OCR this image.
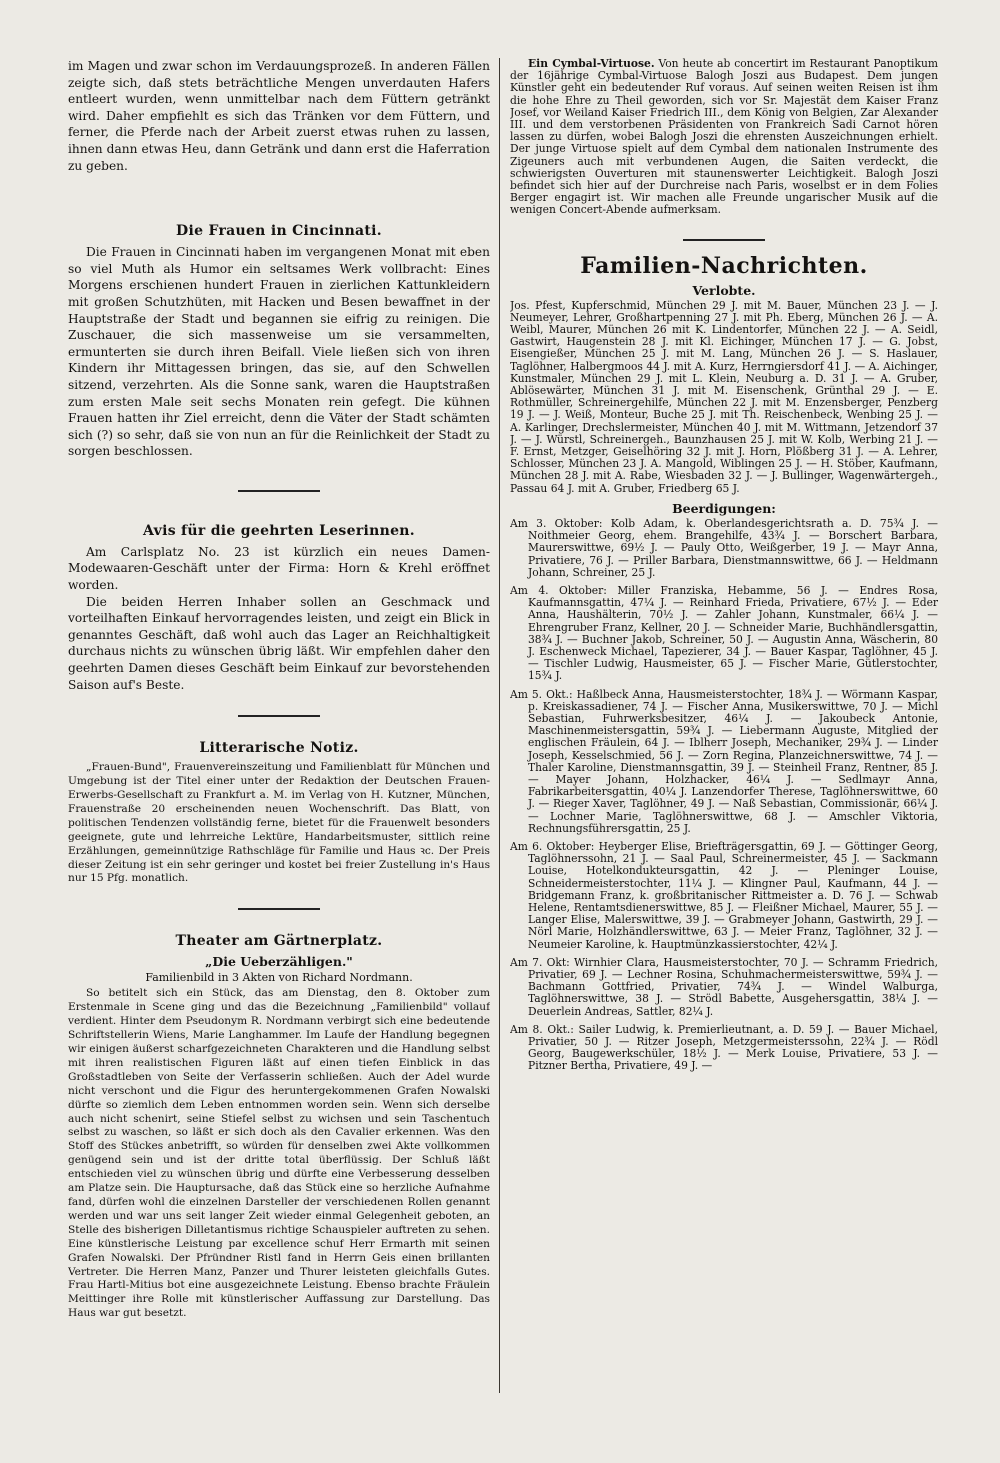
im Magen und zwar schon im Verdauungsprozeß. In anderen Fällen zeigte sich, daß stets beträchtliche Mengen unverdauten Hafers entleert wurden, wenn unmittelbar nach dem Füttern getränkt wird. Daher empfiehlt es sich das Tränken vor dem Füttern, und ferner, die Pferde nach der Arbeit zuerst etwas ruhen zu lassen, ihnen dann etwas Heu, dann Getränk und dann erst die Haferration zu geben.

Die Frauen in Cincinnati.

Die Frauen in Cincinnati haben im vergangenen Monat mit eben so viel Muth als Humor ein seltsames Werk vollbracht: Eines Morgens erschienen hundert Frauen in zierlichen Kattunkleidern mit großen Schutzhüten, mit Hacken und Besen bewaffnet in der Hauptstraße der Stadt und begannen sie eifrig zu reinigen. Die Zuschauer, die sich massenweise um sie versammelten, ermunterten sie durch ihren Beifall. Viele ließen sich von ihren Kindern ihr Mittagessen bringen, das sie, auf den Schwellen sitzend, verzehrten. Als die Sonne sank, waren die Hauptstraßen zum ersten Male seit sechs Monaten rein gefegt. Die kühnen Frauen hatten ihr Ziel erreicht, denn die Väter der Stadt schämten sich (?) so sehr, daß sie von nun an für die Reinlichkeit der Stadt zu sorgen beschlossen.

Avis für die geehrten Leserinnen.

Am Carlsplatz No. 23 ist kürzlich ein neues Damen-Modewaaren-Geschäft unter der Firma: Horn & Krehl eröffnet worden.

Die beiden Herren Inhaber sollen an Geschmack und vorteilhaften Einkauf hervorragendes leisten, und zeigt ein Blick in genanntes Geschäft, daß wohl auch das Lager an Reichhaltigkeit durchaus nichts zu wünschen übrig läßt. Wir empfehlen daher den geehrten Damen dieses Geschäft beim Einkauf zur bevorstehenden Saison auf's Beste.

Litterarische Notiz.

„Frauen-Bund", Frauenvereinszeitung und Familienblatt für München und Umgebung ist der Titel einer unter der Redaktion der Deutschen Frauen-Erwerbs-Gesellschaft zu Frankfurt a. M. im Verlag von H. Kutzner, München, Frauenstraße 20 erscheinenden neuen Wochenschrift. Das Blatt, von politischen Tendenzen vollständig ferne, bietet für die Frauenwelt besonders geeignete, gute und lehrreiche Lektüre, Handarbeitsmuster, sittlich reine Erzählungen, gemeinnützige Rathschläge für Familie und Haus ꝛc. Der Preis dieser Zeitung ist ein sehr geringer und kostet bei freier Zustellung in's Haus nur 15 Pfg. monatlich.

Theater am Gärtnerplatz.
„Die Ueberzähligen."
Familienbild in 3 Akten von Richard Nordmann.

So betitelt sich ein Stück, das am Dienstag, den 8. Oktober zum Erstenmale in Scene ging und das die Bezeichnung „Familienbild" vollauf verdient. Hinter dem Pseudonym R. Nordmann verbirgt sich eine bedeutende Schriftstellerin Wiens, Marie Langhammer. Im Laufe der Handlung begegnen wir einigen äußerst scharfgezeichneten Charakteren und die Handlung selbst mit ihren realistischen Figuren läßt auf einen tiefen Einblick in das Großstadtleben von Seite der Verfasserin schließen. Auch der Adel wurde nicht verschont und die Figur des heruntergekommenen Grafen Nowalski dürfte so ziemlich dem Leben entnommen worden sein. Wenn sich derselbe auch nicht schenirt, seine Stiefel selbst zu wichsen und sein Taschentuch selbst zu waschen, so läßt er sich doch als den Cavalier erkennen. Was den Stoff des Stückes anbetrifft, so würden für denselben zwei Akte vollkommen genügend sein und ist der dritte total überflüssig. Der Schluß läßt entschieden viel zu wünschen übrig und dürfte eine Verbesserung desselben am Platze sein. Die Hauptursache, daß das Stück eine so herzliche Aufnahme fand, dürfen wohl die einzelnen Darsteller der verschiedenen Rollen genannt werden und war uns seit langer Zeit wieder einmal Gelegenheit geboten, an Stelle des bisherigen Dilletantismus richtige Schauspieler auftreten zu sehen. Eine künstlerische Leistung par excellence schuf Herr Ermarth mit seinen Grafen Nowalski. Der Pfründner Ristl fand in Herrn Geis einen brillanten Vertreter. Die Herren Manz, Panzer und Thurer leisteten gleichfalls Gutes. Frau Hartl-Mitius bot eine ausgezeichnete Leistung. Ebenso brachte Fräulein Meittinger ihre Rolle mit künstlerischer Auffassung zur Darstellung. Das Haus war gut besetzt.

Ein Cymbal-Virtuose. Von heute ab concertirt im Restaurant Panoptikum der 16jährige Cymbal-Virtuose Balogh Joszi aus Budapest. Dem jungen Künstler geht ein bedeutender Ruf voraus. Auf seinen weiten Reisen ist ihm die hohe Ehre zu Theil geworden, sich vor Sr. Majestät dem Kaiser Franz Josef, vor Weiland Kaiser Friedrich III., dem König von Belgien, Zar Alexander III. und dem verstorbenen Präsidenten von Frankreich Sadi Carnot hören lassen zu dürfen, wobei Balogh Joszi die ehrensten Auszeichnungen erhielt. Der junge Virtuose spielt auf dem Cymbal dem nationalen Instrumente des Zigeuners auch mit verbundenen Augen, die Saiten verdeckt, die schwierigsten Ouverturen mit staunenswerter Leichtigkeit. Balogh Joszi befindet sich hier auf der Durchreise nach Paris, woselbst er in dem Folies Berger engagirt ist. Wir machen alle Freunde ungarischer Musik auf die wenigen Concert-Abende aufmerksam.

Familien-Nachrichten.
Verlobte.

Jos. Pfest, Kupferschmid, München 29 J. mit M. Bauer, München 23 J. — J. Neumeyer, Lehrer, Großhartpenning 27 J. mit Ph. Eberg, München 26 J. — A. Weibl, Maurer, München 26 mit K. Lindentorfer, München 22 J. — A. Seidl, Gastwirt, Haugenstein 28 J. mit Kl. Eichinger, München 17 J. — G. Jobst, Eisengießer, München 25 J. mit M. Lang, München 26 J. — S. Haslauer, Taglöhner, Halbergmoos 44 J. mit A. Kurz, Herrngiersdorf 41 J. — A. Aichinger, Kunstmaler, München 29 J. mit L. Klein, Neuburg a. D. 31 J. — A. Gruber, Ablösewärter, München 31 J. mit M. Eisenschenk, Grünthal 29 J. — E. Rothmüller, Schreinergehilfe, München 22 J. mit M. Enzensberger, Penzberg 19 J. — J. Weiß, Monteur, Buche 25 J. mit Th. Reischenbeck, Wenbing 25 J. — A. Karlinger, Drechslermeister, München 40 J. mit M. Wittmann, Jetzendorf 37 J. — J. Würstl, Schreinergeh., Baunzhausen 25 J. mit W. Kolb, Werbing 21 J. — F. Ernst, Metzger, Geiselhöring 32 J. mit J. Horn, Plößberg 31 J. — A. Lehrer, Schlosser, München 23 J. A. Mangold, Wiblingen 25 J. — H. Stöber, Kaufmann, München 28 J. mit A. Rabe, Wiesbaden 32 J. — J. Bullinger, Wagenwärtergeh., Passau 64 J. mit A. Gruber, Friedberg 65 J.

Beerdigungen:

Am 3. Oktober: Kolb Adam, k. Oberlandesgerichtsrath a. D. 75¾ J. — Noithmeier Georg, ehem. Brangehilfe, 43¾ J. — Borschert Barbara, Maurerswittwe, 69½ J. — Pauly Otto, Weißgerber, 19 J. — Mayr Anna, Privatiere, 76 J. — Priller Barbara, Dienstmannswittwe, 66 J. — Heldmann Johann, Schreiner, 25 J.

Am 4. Oktober: Miller Franziska, Hebamme, 56 J. — Endres Rosa, Kaufmannsgattin, 47¼ J. — Reinhard Frieda, Privatiere, 67½ J. — Eder Anna, Haushälterin, 70½ J. — Zahler Johann, Kunstmaler, 66¼ J. — Ehrengruber Franz, Kellner, 20 J. — Schneider Marie, Buchhändlersgattin, 38¾ J. — Buchner Jakob, Schreiner, 50 J. — Augustin Anna, Wäscherin, 80 J. Eschenweck Michael, Tapezierer, 34 J. — Bauer Kaspar, Taglöhner, 45 J. — Tischler Ludwig, Hausmeister, 65 J. — Fischer Marie, Gütlerstochter, 15¾ J.

Am 5. Okt.: Haßlbeck Anna, Hausmeisterstochter, 18¾ J. — Wörmann Kaspar, p. Kreiskassadiener, 74 J. — Fischer Anna, Musikerswittwe, 70 J. — Michl Sebastian, Fuhrwerksbesitzer, 46¼ J. — Jakoubeck Antonie, Maschinenmeistersgattin, 59¾ J. — Liebermann Auguste, Mitglied der englischen Fräulein, 64 J. — Iblherr Joseph, Mechaniker, 29¾ J. — Linder Joseph, Kesselschmied, 56 J. — Zorn Regina, Planzeichnerswittwe, 74 J. — Thaler Karoline, Dienstmannsgattin, 39 J. — Steinheil Franz, Rentner, 85 J. — Mayer Johann, Holzhacker, 46¼ J. — Sedlmayr Anna, Fabrikarbeitersgattin, 40¼ J. Lanzendorfer Therese, Taglöhnerswittwe, 60 J. — Rieger Xaver, Taglöhner, 49 J. — Naß Sebastian, Commissionär, 66¼ J. — Lochner Marie, Taglöhnerswittwe, 68 J. — Amschler Viktoria, Rechnungsführersgattin, 25 J.

Am 6. Oktober: Heyberger Elise, Briefträgersgattin, 69 J. — Göttinger Georg, Taglöhnerssohn, 21 J. — Saal Paul, Schreinermeister, 45 J. — Sackmann Louise, Hotelkondukteursgattin, 42 J. — Pleninger Louise, Schneidermeisterstochter, 11¼ J. — Klingner Paul, Kaufmann, 44 J. — Bridgemann Franz, k. großbritanischer Rittmeister a. D. 76 J. — Schwab Helene, Rentamtsdienerswittwe, 85 J. — Fleißner Michael, Maurer, 55 J. — Langer Elise, Malerswittwe, 39 J. — Grabmeyer Johann, Gastwirth, 29 J. — Nörl Marie, Holzhändlerswittwe, 63 J. — Meier Franz, Taglöhner, 32 J. — Neumeier Karoline, k. Hauptmünzkassierstochter, 42¼ J.

Am 7. Okt: Wirnhier Clara, Hausmeisterstochter, 70 J. — Schramm Friedrich, Privatier, 69 J. — Lechner Rosina, Schuhmachermeisterswittwe, 59¾ J. — Bachmann Gottfried, Privatier, 74¾ J. — Windel Walburga, Taglöhnerswittwe, 38 J. — Strödl Babette, Ausgehersgattin, 38¼ J. — Deuerlein Andreas, Sattler, 82¼ J.

Am 8. Okt.: Sailer Ludwig, k. Premierlieutnant, a. D. 59 J. — Bauer Michael, Privatier, 50 J. — Ritzer Joseph, Metzgermeisterssohn, 22¾ J. — Rödl Georg, Baugewerkschüler, 18½ J. — Merk Louise, Privatiere, 53 J. — Pitzner Bertha, Privatiere, 49 J. —
